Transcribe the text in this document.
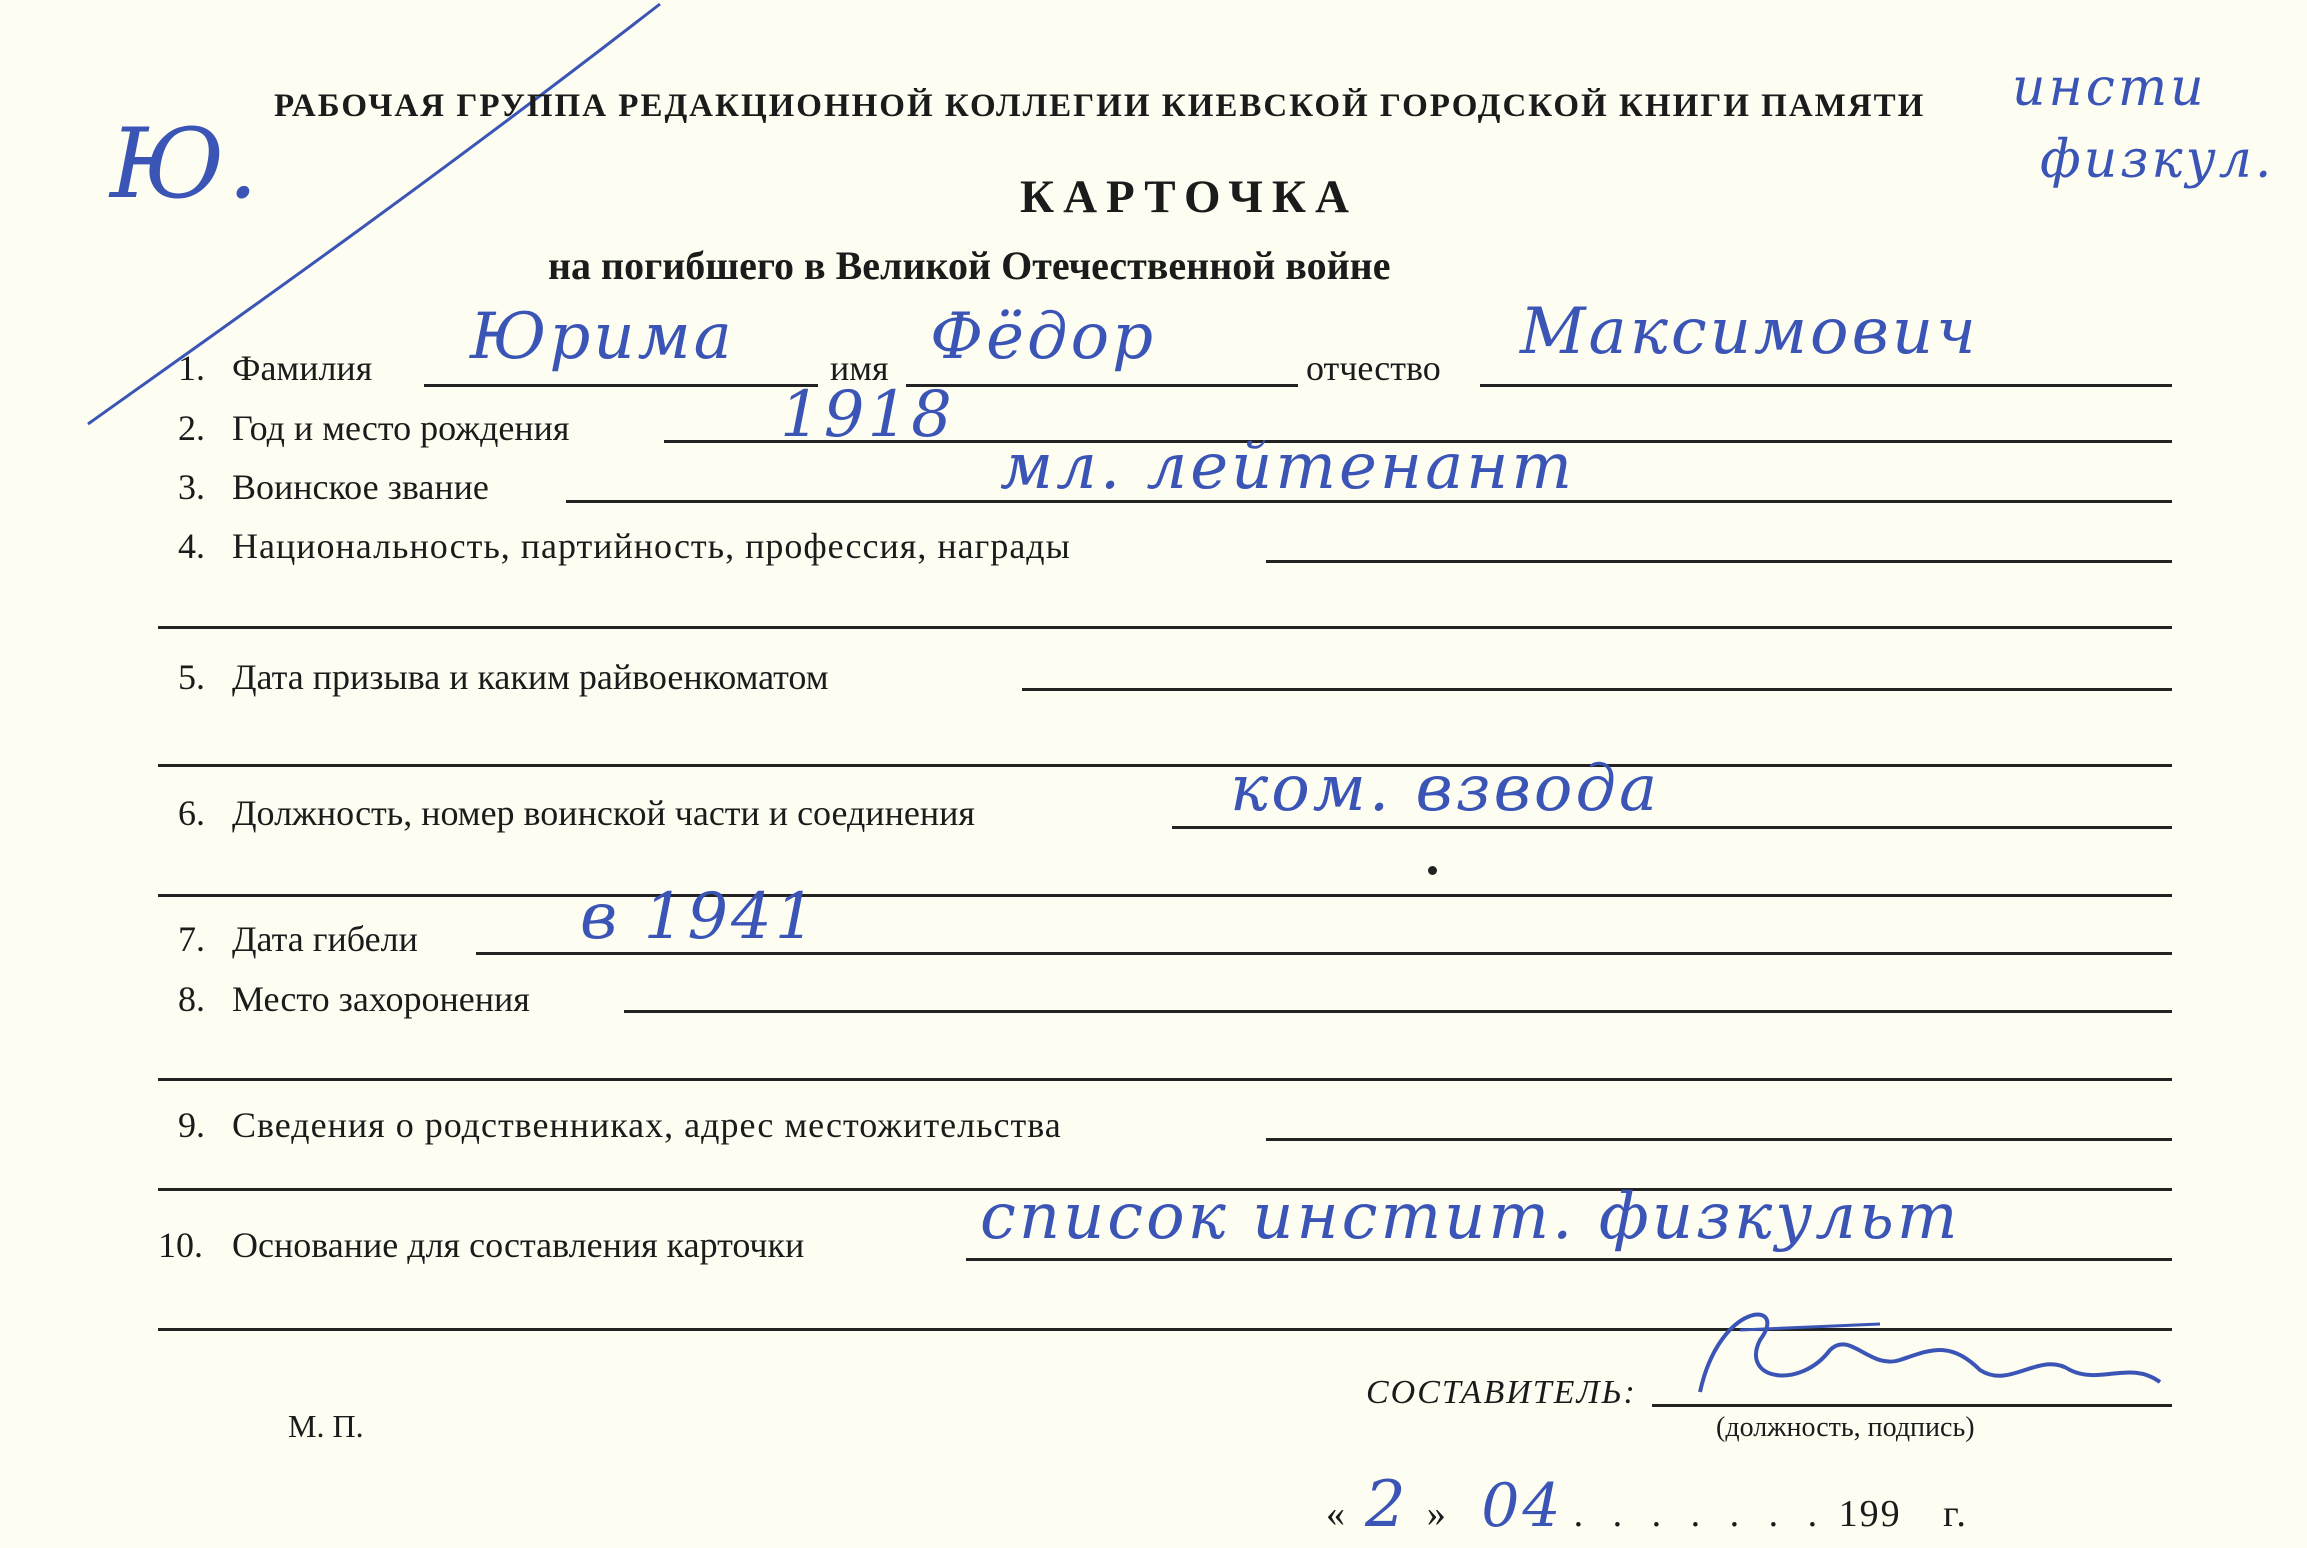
Ю.
инсти
физкул.
РАБОЧАЯ ГРУППА РЕДАКЦИОННОЙ КОЛЛЕГИИ КИЕВСКОЙ ГОРОДСКОЙ КНИГИ ПАМЯТИ
КАРТОЧКА
на погибшего в Великой Отечественной войне
1. Фамилия Юрима	имя Фёдор	отчество Максимович
2. Год и место рождения	1918
3. Воинское звание	мл. лейтенант
4. Национальность, партийность, профессия, награды
5. Дата призыва и каким райвоенкоматом
6. Должность, номер воинской части и соединения	ком. взвода
7. Дата гибели	в 1941
8. Место захоронения
9. Сведения о родственниках, адрес местожительства
10. Основание для составления карточки	список инстит. физкульт
М. П.
СОСТАВИТЕЛЬ:
(должность, подпись)
« 2 » 04 . . . . . . . 199 г.
